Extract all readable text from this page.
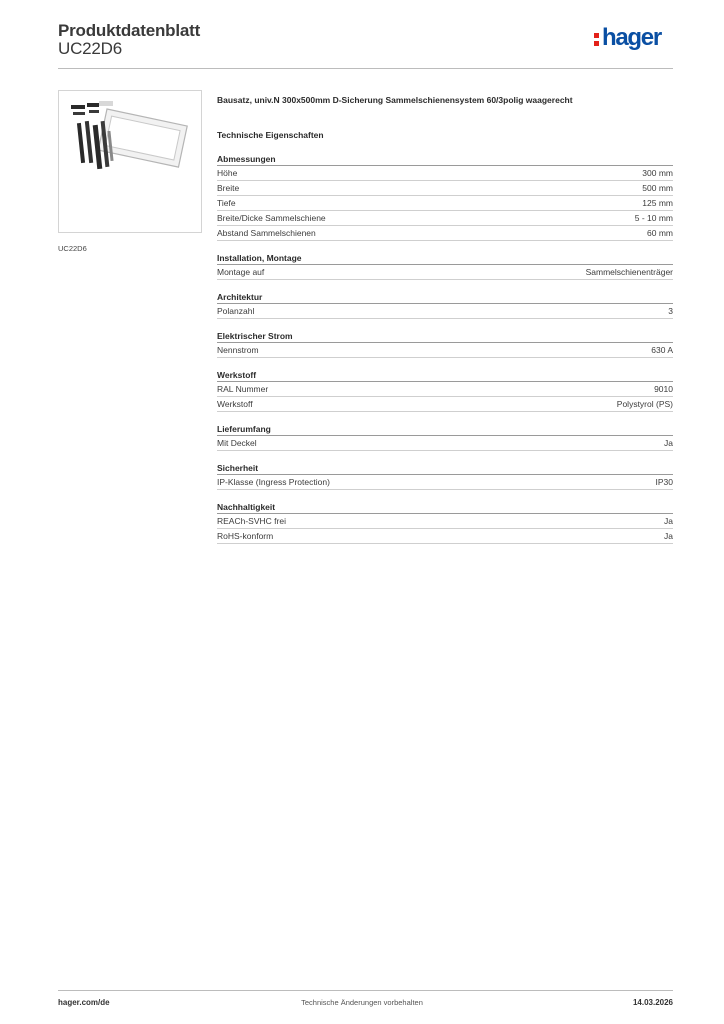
Produktdatenblatt
UC22D6	hager
UC22D6
Bausatz, univ.N 300x500mm D-Sicherung Sammelschienensystem 60/3polig waagerecht
Technische Eigenschaften
Abmessungen
Höhe	300 mm
Breite	500 mm
Tiefe	125 mm
Breite/Dicke Sammelschiene	5 - 10 mm
Abstand Sammelschienen	60 mm
Installation, Montage
Montage auf	Sammelschienenträger
Architektur
Polanzahl	3
Elektrischer Strom
Nennstrom	630 A
Werkstoff
RAL Nummer	9010
Werkstoff	Polystyrol (PS)
Lieferumfang
Mit Deckel	Ja
Sicherheit
IP-Klasse (Ingress Protection)	IP30
Nachhaltigkeit
REACh-SVHC frei	Ja
RoHS-konform	Ja
hager.com/de	Technische Änderungen vorbehalten	14.03.2026
